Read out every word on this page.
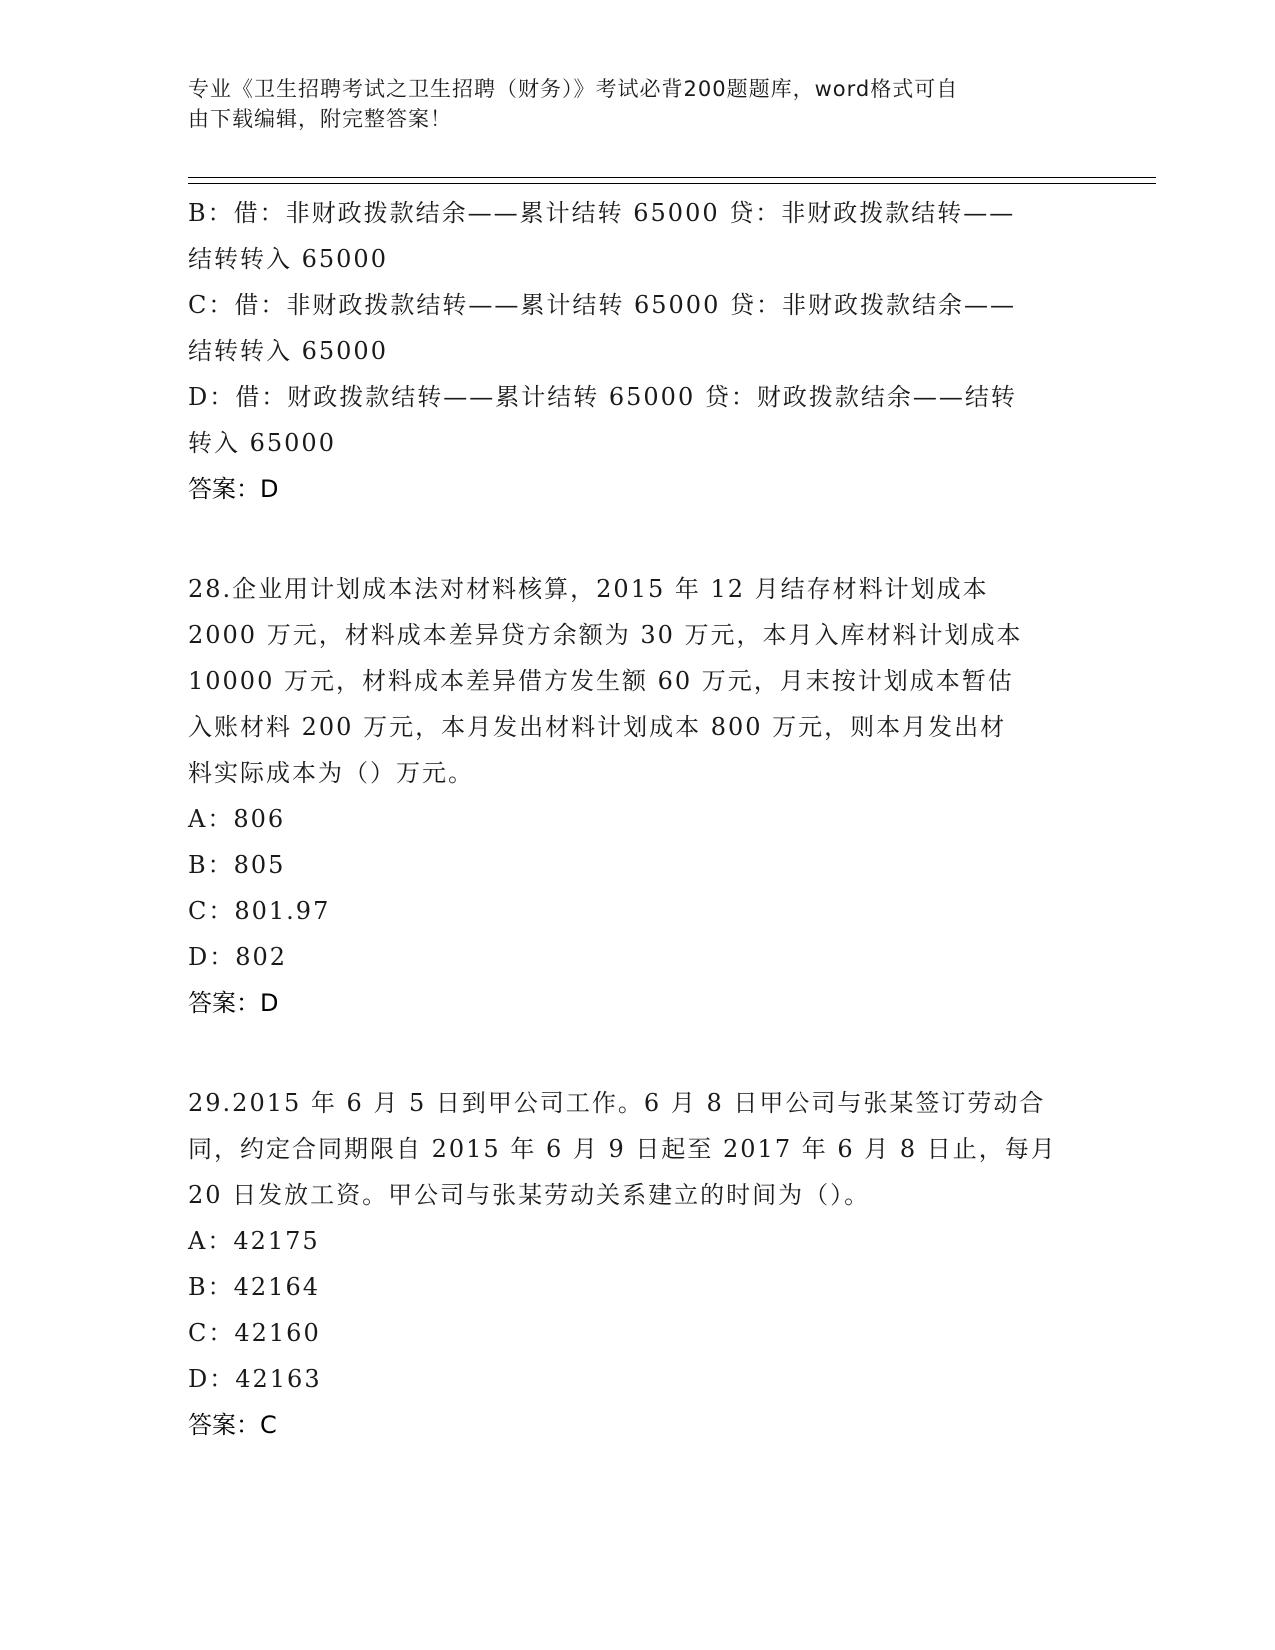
专业《卫生招聘考试之卫生招聘（财务）》考试必背200题题库，word格式可自
由下载编辑，附完整答案！
B：借：非财政拨款结余——累计结转 65000 贷：非财政拨款结转——
结转转入 65000
C：借：非财政拨款结转——累计结转 65000 贷：非财政拨款结余——
结转转入 65000
D：借：财政拨款结转——累计结转 65000 贷：财政拨款结余——结转
转入 65000
答案：D
28.企业用计划成本法对材料核算，2015 年 12 月结存材料计划成本
2000 万元，材料成本差异贷方余额为 30 万元，本月入库材料计划成本
10000 万元，材料成本差异借方发生额 60 万元，月末按计划成本暂估
入账材料 200 万元，本月发出材料计划成本 800 万元，则本月发出材
料实际成本为（）万元。
A：806
B：805
C：801.97
D：802
答案：D
29.2015 年 6 月 5 日到甲公司工作。6 月 8 日甲公司与张某签订劳动合
同，约定合同期限自 2015 年 6 月 9 日起至 2017 年 6 月 8 日止，每月
20 日发放工资。甲公司与张某劳动关系建立的时间为（）。
A：42175
B：42164
C：42160
D：42163
答案：C
